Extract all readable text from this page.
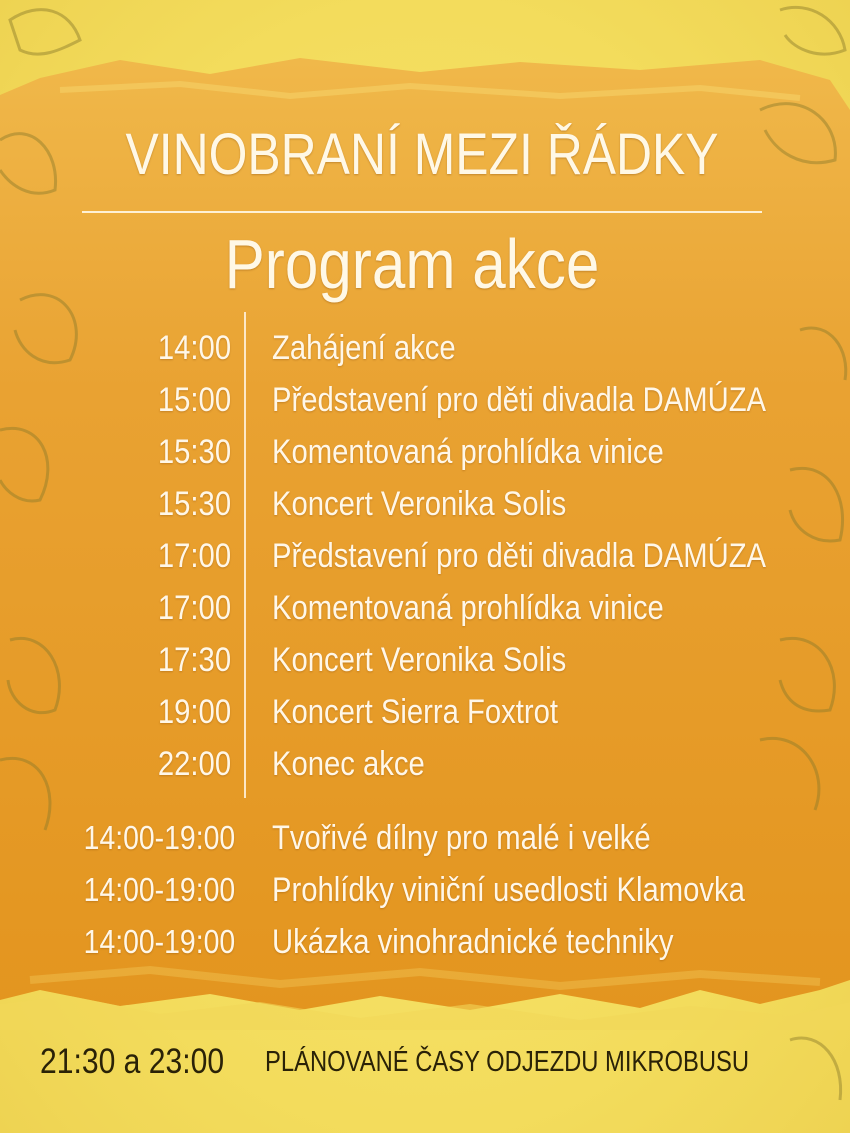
VINOBRANÍ MEZI ŘÁDKY
Program akce
14:00 Zahájení akce
15:00 Představení pro děti divadla DAMÚZA
15:30 Komentovaná prohlídka vinice
15:30 Koncert Veronika Solis
17:00 Představení pro děti divadla DAMÚZA
17:00 Komentovaná prohlídka vinice
17:30 Koncert Veronika Solis
19:00 Koncert Sierra Foxtrot
22:00 Konec akce
14:00-19:00 Tvořivé dílny pro malé i velké
14:00-19:00 Prohlídky viniční usedlosti Klamovka
14:00-19:00 Ukázka vinohradnické techniky
21:30 a 23:00 PLÁNOVANÉ ČASY ODJEZDU MIKROBUSU
